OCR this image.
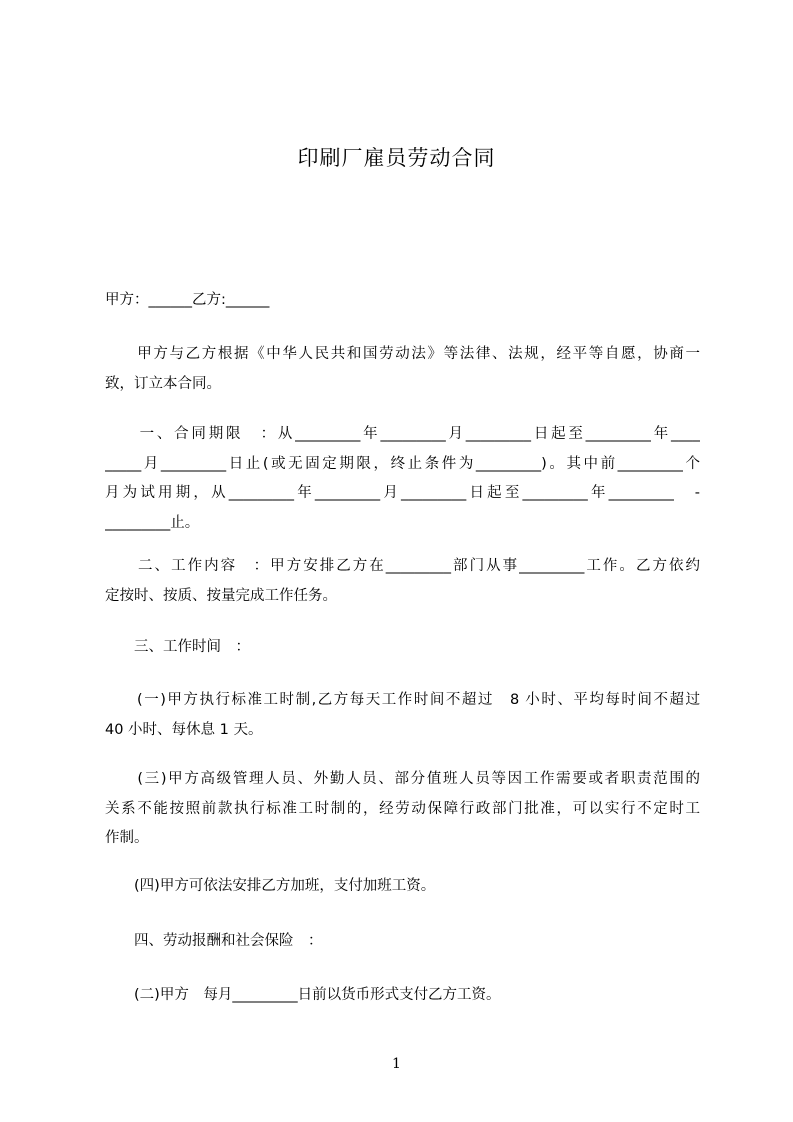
印刷厂雇员劳动合同

甲方：______乙方:______

　　甲方与乙方根据《中华人民共和国劳动法》等法律、法规，经平等自愿，协商一
致，订立本合同。

　　一、合同期限　：从_________年_________月_________日起至_________年____
_____月_________日止(或无固定期限，终止条件为_________)。其中前_________个
月为试用期，从_________年_________月_________日起至_________年_________　-
_________止。

　　二、工作内容　：甲方安排乙方在_________部门从事_________工作。乙方依约
定按时、按质、按量完成工作任务。

　　三、工作时间　：

　　(一)甲方执行标准工时制,乙方每天工作时间不超过　8 小时、平均每时间不超过
40 小时、每休息 1 天。

　　(三)甲方高级管理人员、外勤人员、部分值班人员等因工作需要或者职责范围的
关系不能按照前款执行标准工时制的，经劳动保障行政部门批准，可以实行不定时工
作制。

　　(四)甲方可依法安排乙方加班，支付加班工资。

　　四、劳动报酬和社会保险　：

　　(二)甲方　每月_________日前以货币形式支付乙方工资。

1
